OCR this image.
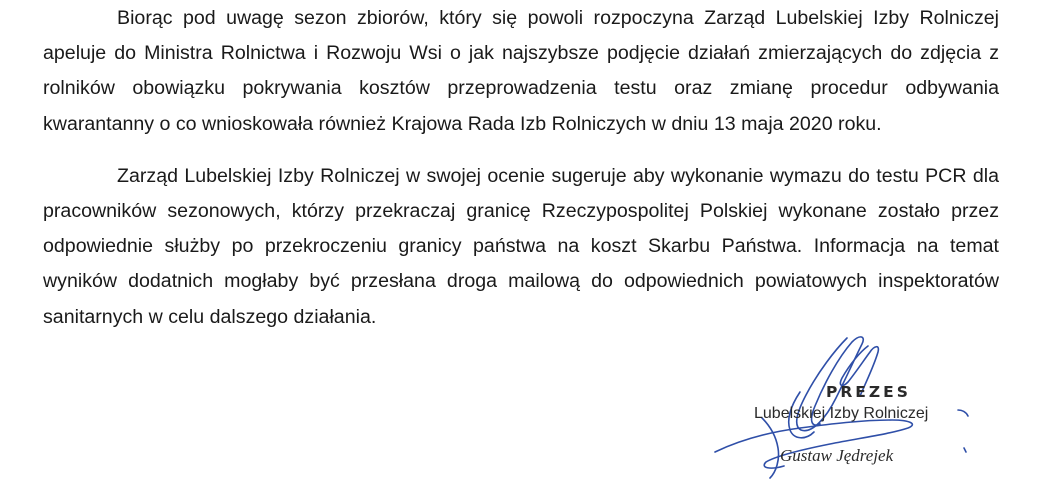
Biorąc pod uwagę sezon zbiorów, który się powoli rozpoczyna Zarząd Lubelskiej Izby Rolniczej apeluje do Ministra Rolnictwa i Rozwoju Wsi o jak najszybsze podjęcie działań zmierzających do zdjęcia z rolników obowiązku pokrywania kosztów przeprowadzenia testu oraz zmianę procedur odbywania kwarantanny o co wnioskowała również Krajowa Rada Izb Rolniczych w dniu 13 maja 2020 roku.

Zarząd Lubelskiej Izby Rolniczej w swojej ocenie sugeruje aby wykonanie wymazu do testu PCR dla pracowników sezonowych, którzy przekraczaj granicę Rzeczypospolitej Polskiej wykonane zostało przez odpowiednie służby po przekroczeniu granicy państwa na koszt Skarbu Państwa. Informacja na temat wyników dodatnich mogłaby być przesłana droga mailową do odpowiednich powiatowych inspektoratów sanitarnych w celu dalszego działania.

PREZES
Lubelskiej Izby Rolniczej
Gustaw Jędrejek
